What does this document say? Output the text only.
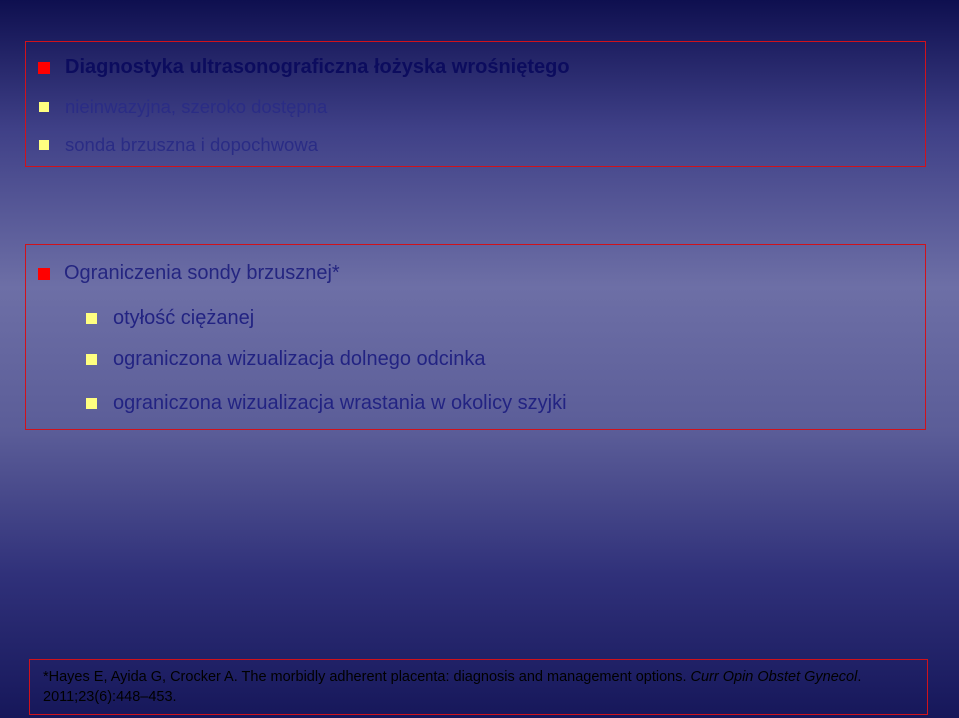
Diagnostyka ultrasonograficzna łożyska wrośniętego
nieinwazyjna, szeroko dostępna
sonda brzuszna i dopochwowa
Ograniczenia sondy brzusznej*
otyłość ciężanej
ograniczona wizualizacja dolnego odcinka
ograniczona wizualizacja wrastania w okolicy szyjki
*Hayes E, Ayida G, Crocker A. The morbidly adherent placenta: diagnosis and management options. Curr Opin Obstet Gynecol. 2011;23(6):448–453.
